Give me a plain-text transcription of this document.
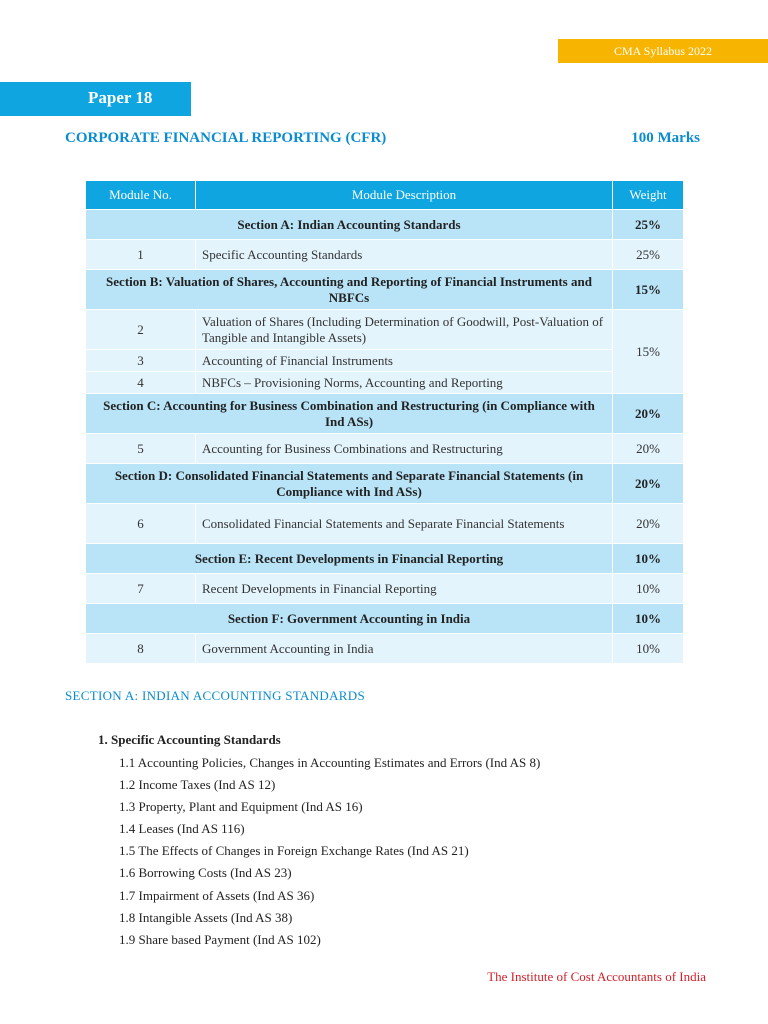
CMA Syllabus 2022
Paper 18
CORPORATE FINANCIAL REPORTING (CFR)	100 Marks
Module No.	Module Description	Weight
Section A: Indian Accounting Standards		25%
1	Specific Accounting Standards	25%
Section B: Valuation of Shares, Accounting and Reporting of Financial Instruments and NBFCs		15%
2	Valuation of Shares (Including Determination of Goodwill, Post-Valuation of Tangible and Intangible Assets)	15%
3	Accounting of Financial Instruments	
4	NBFCs – Provisioning Norms, Accounting and Reporting	
Section C: Accounting for Business Combination and Restructuring (in Compliance with Ind ASs)		20%
5	Accounting for Business Combinations and Restructuring	20%
Section D: Consolidated Financial Statements and Separate Financial Statements (in Compliance with Ind ASs)		20%
6	Consolidated Financial Statements and Separate Financial Statements	20%
Section E: Recent Developments in Financial Reporting		10%
7	Recent Developments in Financial Reporting	10%
Section F: Government Accounting in India		10%
8	Government Accounting in India	10%
SECTION A: INDIAN ACCOUNTING STANDARDS
1. Specific Accounting Standards
1.1 Accounting Policies, Changes in Accounting Estimates and Errors (Ind AS 8)
1.2 Income Taxes (Ind AS 12)
1.3 Property, Plant and Equipment (Ind AS 16)
1.4 Leases (Ind AS 116)
1.5 The Effects of Changes in Foreign Exchange Rates (Ind AS 21)
1.6 Borrowing Costs (Ind AS 23)
1.7 Impairment of Assets (Ind AS 36)
1.8 Intangible Assets (Ind AS 38)
1.9 Share based Payment (Ind AS 102)
The Institute of Cost Accountants of India
